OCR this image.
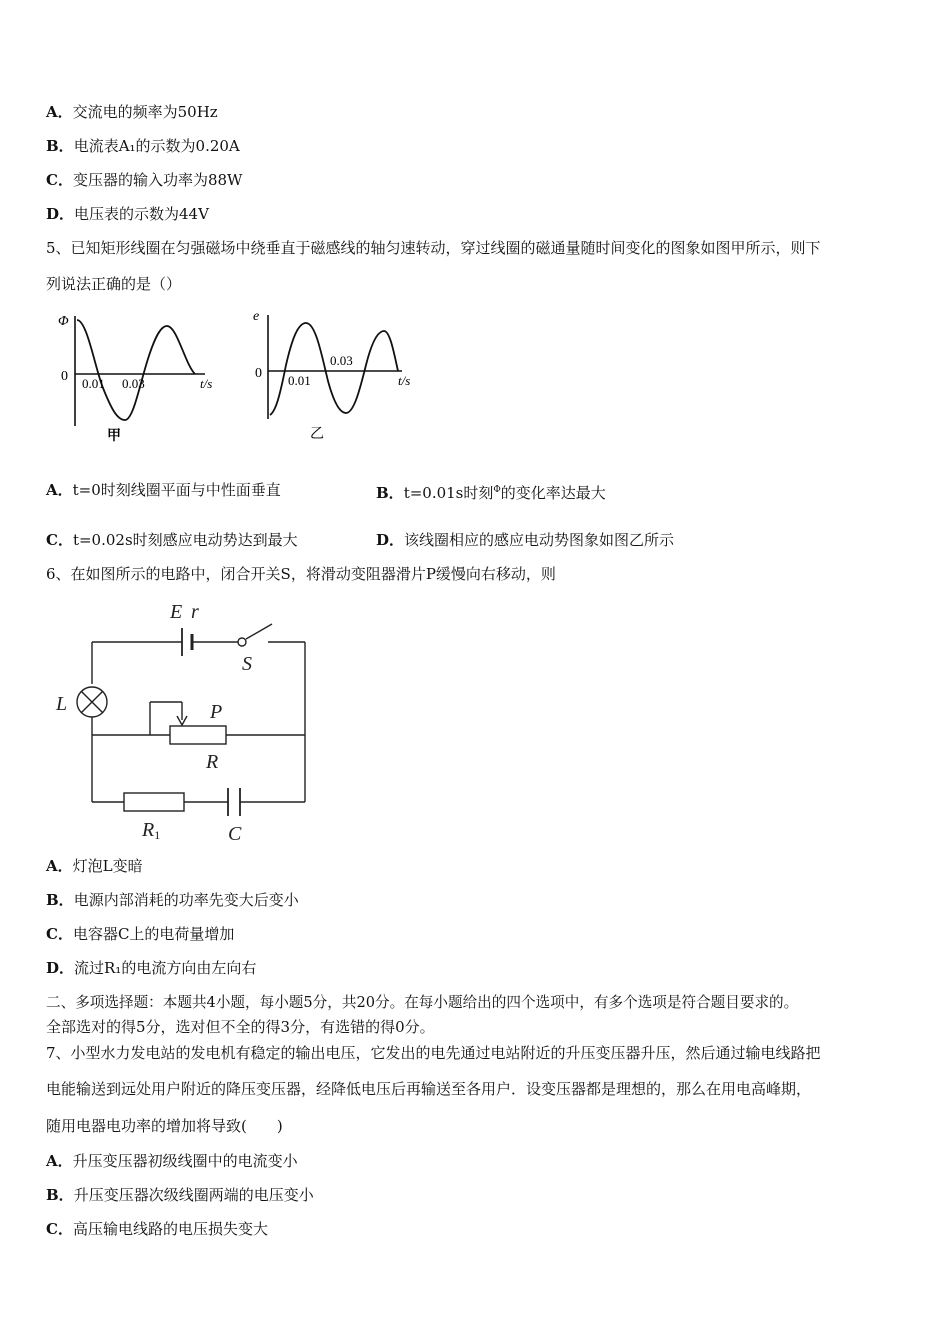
A．交流电的频率为50Hz
B．电流表A₁的示数为0.20A
C．变压器的输入功率为88W
D．电压表的示数为44V
5、已知矩形线圈在匀强磁场中绕垂直于磁感线的轴匀速转动，穿过线圈的磁通量随时间变化的图象如图甲所示，则下
列说法正确的是（）
Φ
0 0.01 0.03	t/s
甲
e
0 0.01
0.03
t/s
乙
A．t=0时刻线圈平面与中性面垂直	B．t=0.01s时刻$^\Phi$的变化率达最大
C．t=0.02s时刻感应电动势达到最大	D．该线圈相应的感应电动势图象如图乙所示
6、在如图所示的电路中，闭合开关S，将滑动变阻器滑片P缓慢向右移动，则
E r
S
L	P
R
R1	C
A．灯泡L变暗
B．电源内部消耗的功率先变大后变小
C．电容器C上的电荷量增加
D．流过R₁的电流方向由左向右
二、多项选择题：本题共4小题，每小题5分，共20分。在每小题给出的四个选项中，有多个选项是符合题目要求的。
全部选对的得5分，选对但不全的得3分，有选错的得0分。
7、小型水力发电站的发电机有稳定的输出电压，它发出的电先通过电站附近的升压变压器升压，然后通过输电线路把
电能输送到远处用户附近的降压变压器，经降低电压后再输送至各用户．设变压器都是理想的，那么在用电高峰期，
随用电器电功率的增加将导致(　　)
A．升压变压器初级线圈中的电流变小
B．升压变压器次级线圈两端的电压变小
C．高压输电线路的电压损失变大
